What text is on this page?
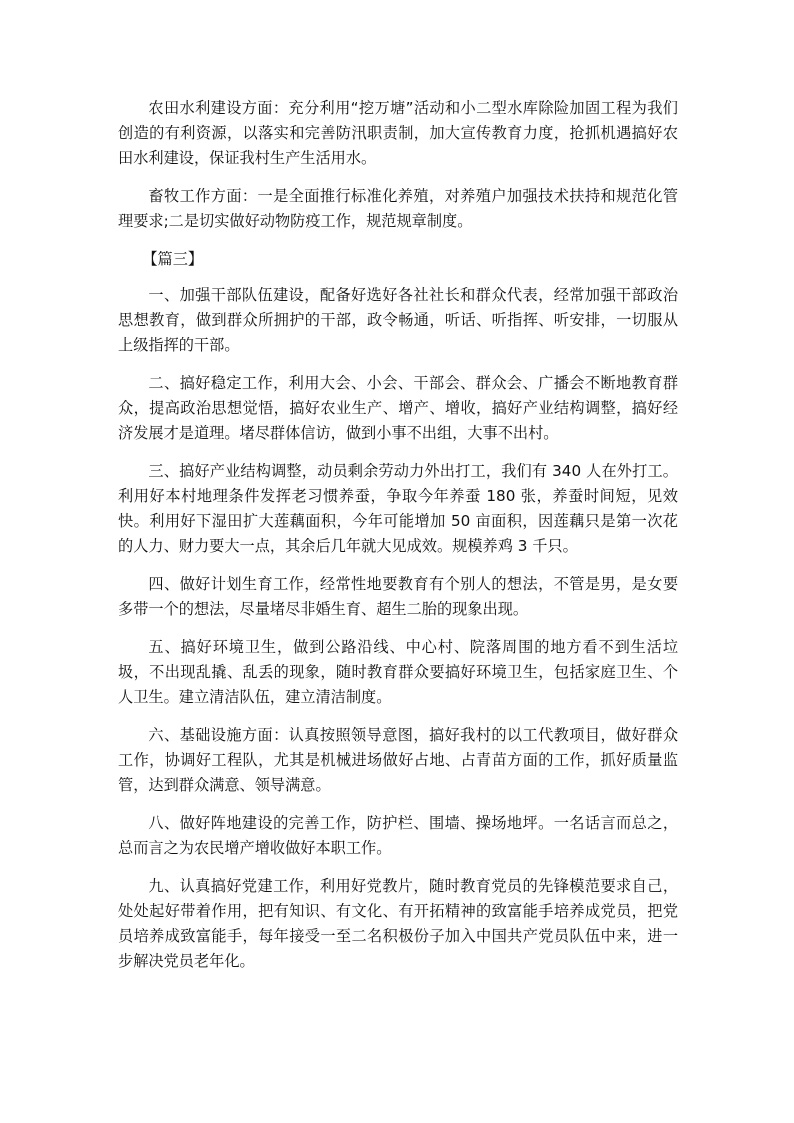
农田水利建设方面：充分利用“挖万塘”活动和小二型水库除险加固工程为我们创造的有利资源，以落实和完善防汛职责制，加大宣传教育力度，抢抓机遇搞好农田水利建设，保证我村生产生活用水。

畜牧工作方面：一是全面推行标准化养殖，对养殖户加强技术扶持和规范化管理要求;二是切实做好动物防疫工作，规范规章制度。

【篇三】

一、加强干部队伍建设，配备好选好各社社长和群众代表，经常加强干部政治思想教育，做到群众所拥护的干部，政令畅通，听话、听指挥、听安排，一切服从上级指挥的干部。

二、搞好稳定工作，利用大会、小会、干部会、群众会、广播会不断地教育群众，提高政治思想觉悟，搞好农业生产、增产、增收，搞好产业结构调整，搞好经济发展才是道理。堵尽群体信访，做到小事不出组，大事不出村。

三、搞好产业结构调整，动员剩余劳动力外出打工，我们有 340 人在外打工。利用好本村地理条件发挥老习惯养蚕，争取今年养蚕 180 张，养蚕时间短，见效快。利用好下湿田扩大莲藕面积，今年可能增加 50 亩面积，因莲藕只是第一次花的人力、财力要大一点，其余后几年就大见成效。规模养鸡 3 千只。

四、做好计划生育工作，经常性地要教育有个别人的想法，不管是男，是女要多带一个的想法，尽量堵尽非婚生育、超生二胎的现象出现。

五、搞好环境卫生，做到公路沿线、中心村、院落周围的地方看不到生活垃圾，不出现乱撬、乱丢的现象，随时教育群众要搞好环境卫生，包括家庭卫生、个人卫生。建立清洁队伍，建立清洁制度。

六、基础设施方面：认真按照领导意图，搞好我村的以工代教项目，做好群众工作，协调好工程队，尤其是机械进场做好占地、占青苗方面的工作，抓好质量监管，达到群众满意、领导满意。

八、做好阵地建设的完善工作，防护栏、围墙、操场地坪。一名话言而总之，总而言之为农民增产增收做好本职工作。

九、认真搞好党建工作，利用好党教片，随时教育党员的先锋模范要求自己，处处起好带着作用，把有知识、有文化、有开拓精神的致富能手培养成党员，把党员培养成致富能手，每年接受一至二名积极份子加入中国共产党员队伍中来，进一步解决党员老年化。
